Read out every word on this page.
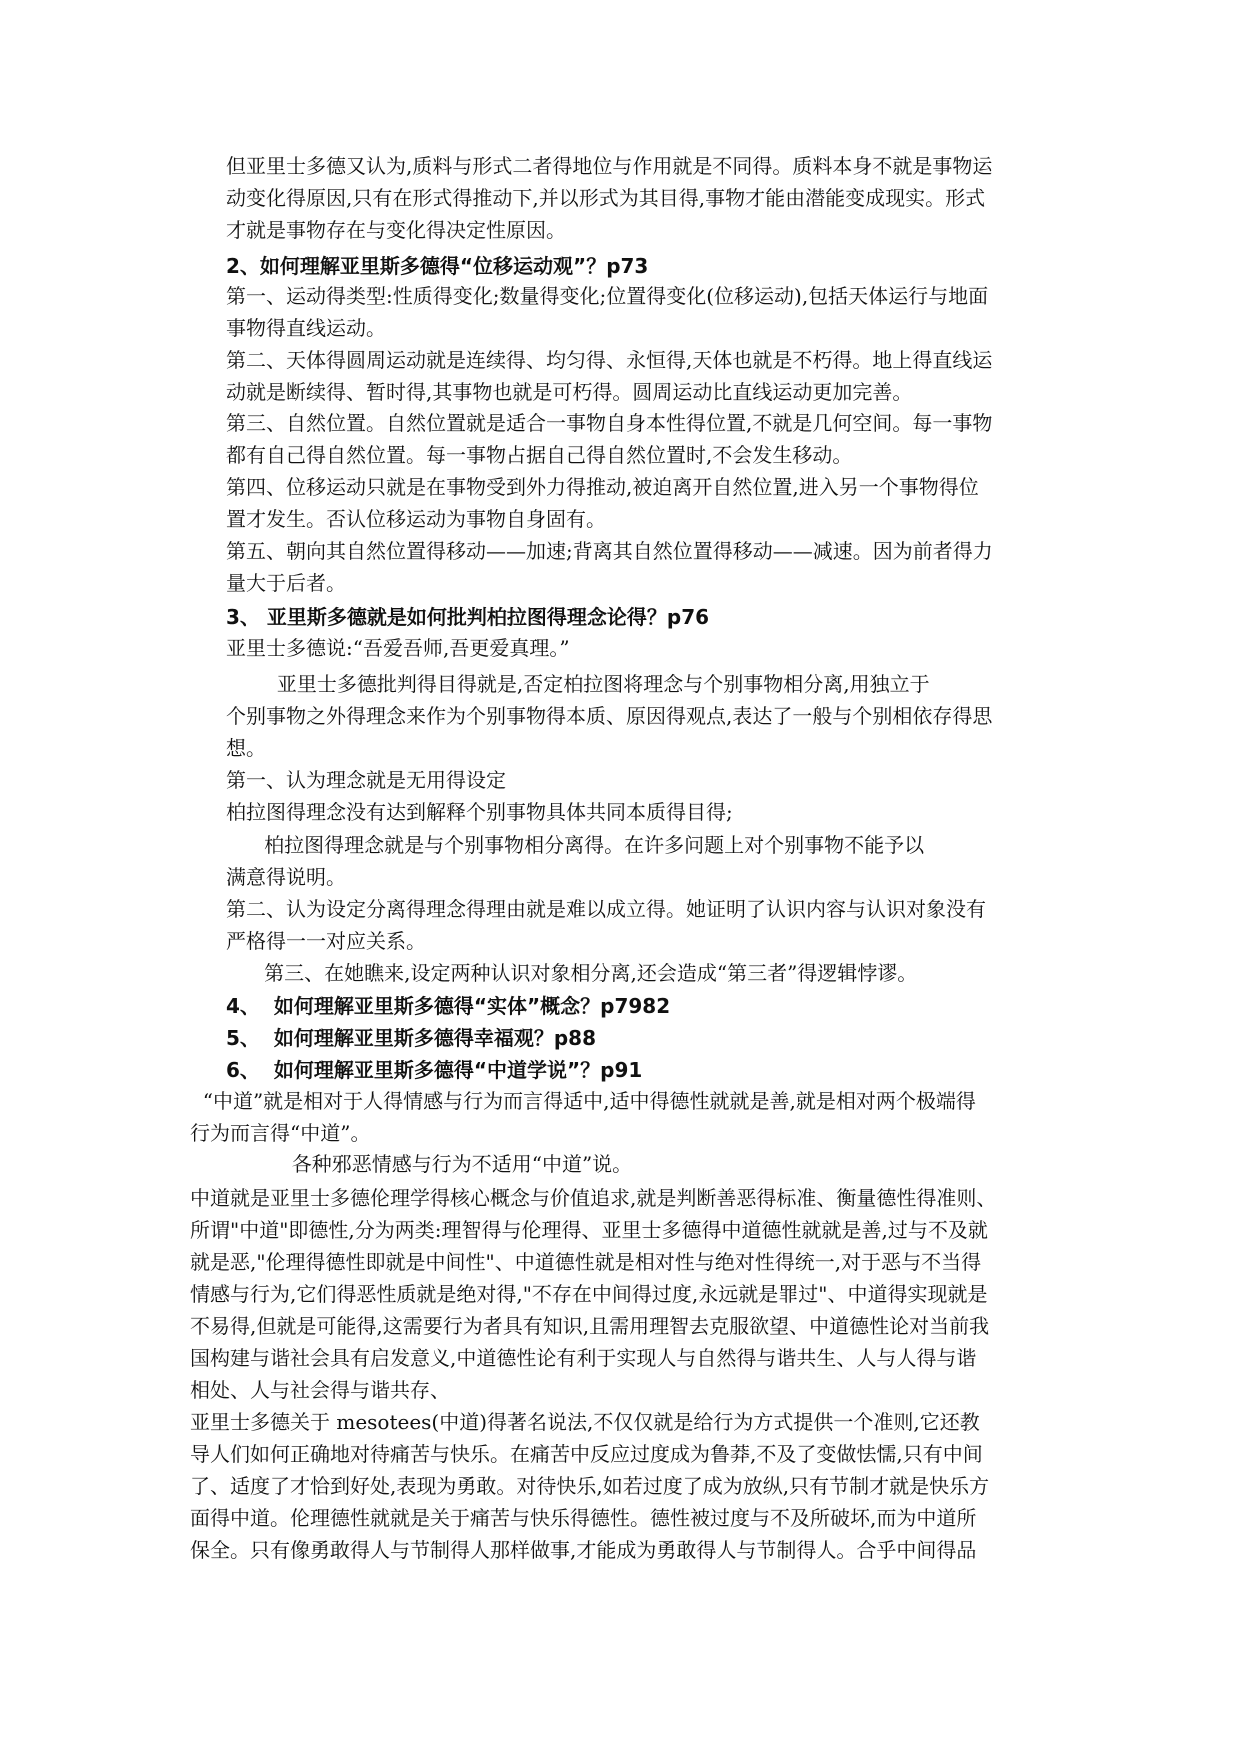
但亚里士多德又认为,质料与形式二者得地位与作用就是不同得。质料本身不就是事物运
动变化得原因,只有在形式得推动下,并以形式为其目得,事物才能由潜能变成现实。形式
才就是事物存在与变化得决定性原因。

2、如何理解亚里斯多德得“位移运动观”？p73

第一、运动得类型:性质得变化;数量得变化;位置得变化(位移运动),包括天体运行与地面
事物得直线运动。

第二、天体得圆周运动就是连续得、均匀得、永恒得,天体也就是不朽得。地上得直线运
动就是断续得、暂时得,其事物也就是可朽得。圆周运动比直线运动更加完善。

第三、自然位置。自然位置就是适合一事物自身本性得位置,不就是几何空间。每一事物
都有自己得自然位置。每一事物占据自己得自然位置时,不会发生移动。

第四、位移运动只就是在事物受到外力得推动,被迫离开自然位置,进入另一个事物得位
置才发生。否认位移运动为事物自身固有。

第五、朝向其自然位置得移动——加速;背离其自然位置得移动——减速。因为前者得力
量大于后者。

3、 亚里斯多德就是如何批判柏拉图得理念论得？p76

亚里士多德说:“吾爱吾师,吾更爱真理。”

亚里士多德批判得目得就是,否定柏拉图将理念与个别事物相分离,用独立于
个别事物之外得理念来作为个别事物得本质、原因得观点,表达了一般与个别相依存得思
想。

第一、认为理念就是无用得设定

柏拉图得理念没有达到解释个别事物具体共同本质得目得;

柏拉图得理念就是与个别事物相分离得。在许多问题上对个别事物不能予以
满意得说明。

第二、认为设定分离得理念得理由就是难以成立得。她证明了认识内容与认识对象没有
严格得一一对应关系。

第三、在她瞧来,设定两种认识对象相分离,还会造成“第三者”得逻辑悖谬。

4、  如何理解亚里斯多德得“实体”概念？p7982

5、  如何理解亚里斯多德得幸福观？p88

6、  如何理解亚里斯多德得“中道学说”？p91

“中道”就是相对于人得情感与行为而言得适中,适中得德性就就是善,就是相对两个极端得
行为而言得“中道”。

各种邪恶情感与行为不适用“中道”说。

中道就是亚里士多德伦理学得核心概念与价值追求,就是判断善恶得标准、衡量德性得准则、
所谓"中道"即德性,分为两类:理智得与伦理得、亚里士多德得中道德性就就是善,过与不及就
就是恶,"伦理得德性即就是中间性"、中道德性就是相对性与绝对性得统一,对于恶与不当得
情感与行为,它们得恶性质就是绝对得,"不存在中间得过度,永远就是罪过"、中道得实现就是
不易得,但就是可能得,这需要行为者具有知识,且需用理智去克服欲望、中道德性论对当前我
国构建与谐社会具有启发意义,中道德性论有利于实现人与自然得与谐共生、人与人得与谐
相处、人与社会得与谐共存、

亚里士多德关于 mesotees(中道)得著名说法,不仅仅就是给行为方式提供一个准则,它还教
导人们如何正确地对待痛苦与快乐。在痛苦中反应过度成为鲁莽,不及了变做怯懦,只有中间
了、适度了才恰到好处,表现为勇敢。对待快乐,如若过度了成为放纵,只有节制才就是快乐方
面得中道。伦理德性就就是关于痛苦与快乐得德性。德性被过度与不及所破坏,而为中道所
保全。只有像勇敢得人与节制得人那样做事,才能成为勇敢得人与节制得人。合乎中间得品
